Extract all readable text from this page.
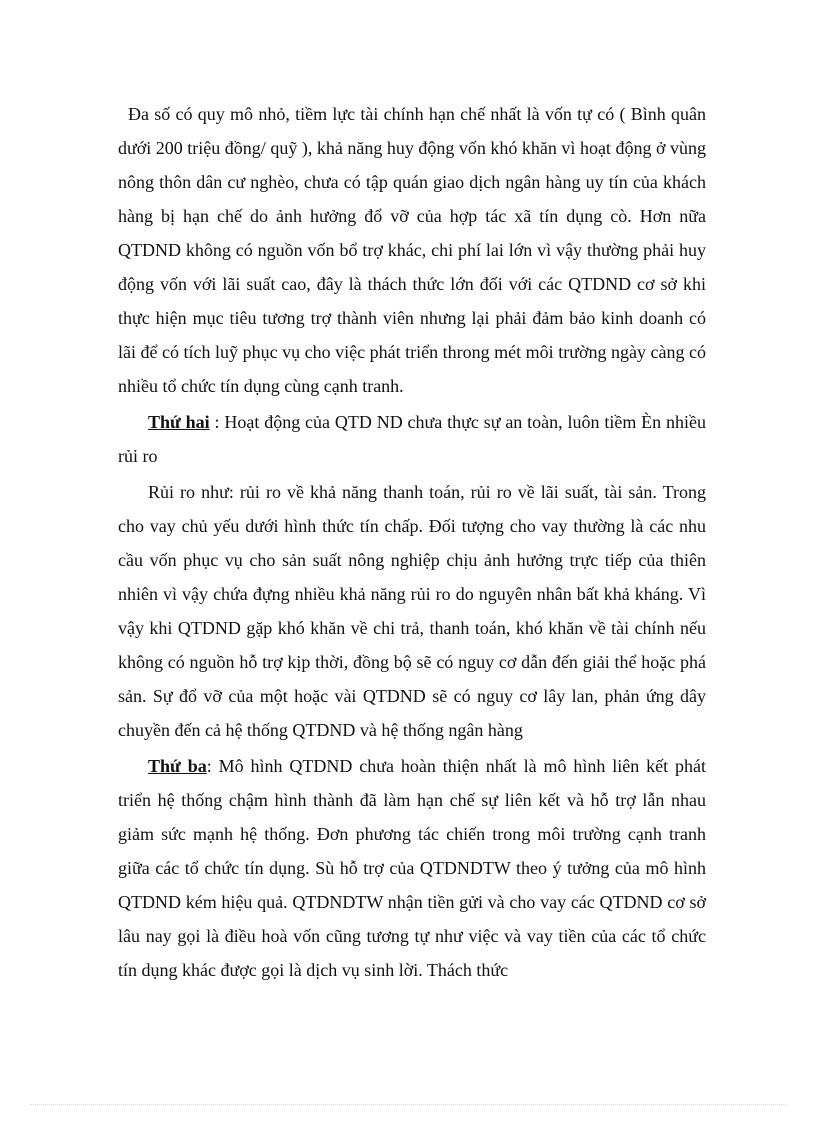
Đa số có quy mô nhỏ, tiềm lực tài chính hạn chế nhất là vốn tự có ( Bình quân dưới 200 triệu đồng/ quỹ ), khả năng huy động vốn khó khăn vì hoạt động ở vùng nông thôn dân cư nghèo, chưa có tập quán giao dịch ngân hàng uy tín của khách hàng bị hạn chế do ảnh hưởng đổ vỡ của hợp tác xã tín dụng cò. Hơn nữa QTDND không có nguồn vốn bổ trợ khác, chi phí lai lớn vì vậy thường phải huy động vốn với lãi suất cao, đây là thách thức lớn đối với các QTDND cơ sở khi thực hiện mục tiêu tương trợ thành viên nhưng lại phải đảm bảo kinh doanh có lãi để có tích luỹ phục vụ cho việc phát triển throng mét môi trường ngày càng có nhiều tổ chức tín dụng cùng cạnh tranh.

Thứ hai : Hoạt động của QTD ND chưa thực sự an toàn, luôn tiềm Èn nhiều rủi ro

Rủi ro như: rủi ro về khả năng thanh toán, rủi ro về lãi suất, tài sản. Trong cho vay chủ yếu dưới hình thức tín chấp. Đối tượng cho vay thường là các nhu cầu vốn phục vụ cho sản suất nông nghiệp chịu ảnh hưởng trực tiếp của thiên nhiên vì vậy chứa đựng nhiều khả năng rủi ro do nguyên nhân bất khả kháng. Vì vậy khi QTDND gặp khó khăn về chi trả, thanh toán, khó khăn về tài chính nếu không có nguồn hỗ trợ kịp thời, đồng bộ sẽ có nguy cơ dẫn đến giải thể hoặc phá sản. Sự đổ vỡ của một hoặc vài QTDND sẽ có nguy cơ lây lan, phản ứng dây chuyền đến cả hệ thống QTDND và hệ thống ngân hàng

Thứ ba: Mô hình QTDND chưa hoàn thiện nhất là mô hình liên kết phát triển hệ thống chậm hình thành đã làm hạn chế sự liên kết và hỗ trợ lẫn nhau giảm sức mạnh hệ thống. Đơn phương tác chiến trong môi trường cạnh tranh giữa các tổ chức tín dụng. Sù hỗ trợ của QTDNDTW theo ý tưởng của mô hình QTDND kém hiệu quả. QTDNDTW nhận tiền gửi và cho vay các QTDND cơ sở lâu nay gọi là điều hoà vốn cũng tương tự như việc và vay tiền của các tổ chức tín dụng khác được gọi là dịch vụ sinh lời. Thách thức
